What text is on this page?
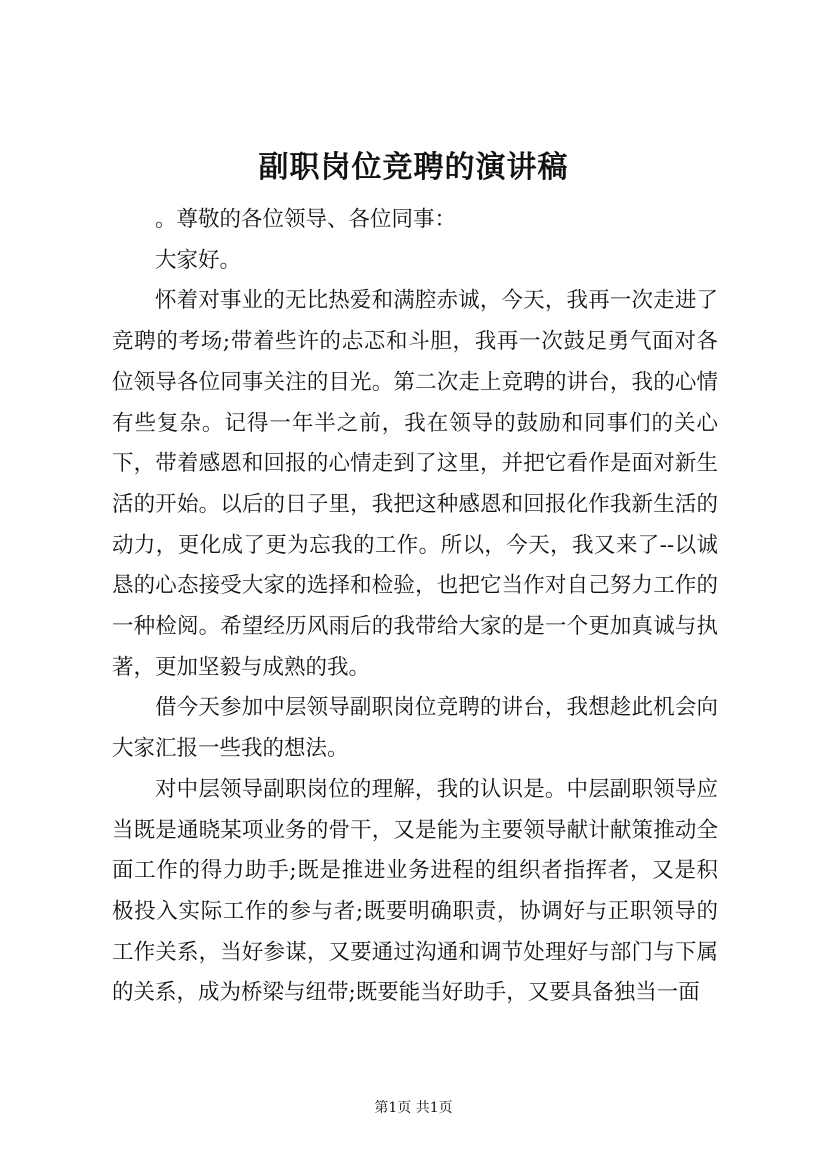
副职岗位竞聘的演讲稿

。尊敬的各位领导、各位同事：

大家好。

怀着对事业的无比热爱和满腔赤诚，今天，我再一次走进了竞聘的考场;带着些许的忐忑和斗胆，我再一次鼓足勇气面对各位领导各位同事关注的目光。第二次走上竞聘的讲台，我的心情有些复杂。记得一年半之前，我在领导的鼓励和同事们的关心下，带着感恩和回报的心情走到了这里，并把它看作是面对新生活的开始。以后的日子里，我把这种感恩和回报化作我新生活的动力，更化成了更为忘我的工作。所以，今天，我又来了--以诚恳的心态接受大家的选择和检验，也把它当作对自己努力工作的一种检阅。希望经历风雨后的我带给大家的是一个更加真诚与执著，更加坚毅与成熟的我。

借今天参加中层领导副职岗位竞聘的讲台，我想趁此机会向大家汇报一些我的想法。

对中层领导副职岗位的理解，我的认识是。中层副职领导应当既是通晓某项业务的骨干，又是能为主要领导献计献策推动全面工作的得力助手;既是推进业务进程的组织者指挥者，又是积极投入实际工作的参与者;既要明确职责，协调好与正职领导的工作关系，当好参谋，又要通过沟通和调节处理好与部门与下属的关系，成为桥梁与纽带;既要能当好助手，又要具备独当一面

第1页 共1页
